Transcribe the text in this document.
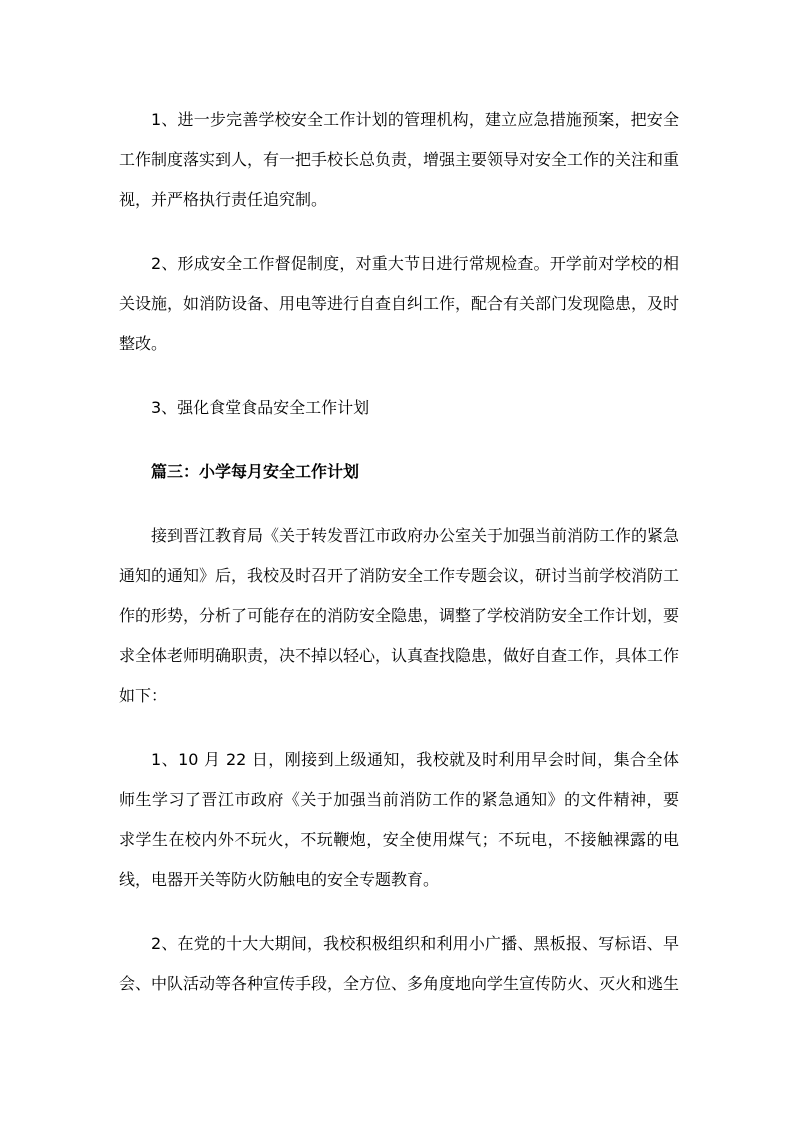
1、进一步完善学校安全工作计划的管理机构，建立应急措施预案，把安全工作制度落实到人，有一把手校长总负责，增强主要领导对安全工作的关注和重视，并严格执行责任追究制。

2、形成安全工作督促制度，对重大节日进行常规检查。开学前对学校的相关设施，如消防设备、用电等进行自查自纠工作，配合有关部门发现隐患，及时整改。

3、强化食堂食品安全工作计划

篇三：小学每月安全工作计划

接到晋江教育局《关于转发晋江市政府办公室关于加强当前消防工作的紧急通知的通知》后，我校及时召开了消防安全工作专题会议，研讨当前学校消防工作的形势，分析了可能存在的消防安全隐患，调整了学校消防安全工作计划，要求全体老师明确职责，决不掉以轻心，认真查找隐患，做好自查工作，具体工作如下：

1、10 月 22 日，刚接到上级通知，我校就及时利用早会时间，集合全体师生学习了晋江市政府《关于加强当前消防工作的紧急通知》的文件精神，要求学生在校内外不玩火，不玩鞭炮，安全使用煤气；不玩电，不接触裸露的电线，电器开关等防火防触电的安全专题教育。

2、在党的十大大期间，我校积极组织和利用小广播、黑板报、写标语、早会、中队活动等各种宣传手段，全方位、多角度地向学生宣传防火、灭火和逃生
